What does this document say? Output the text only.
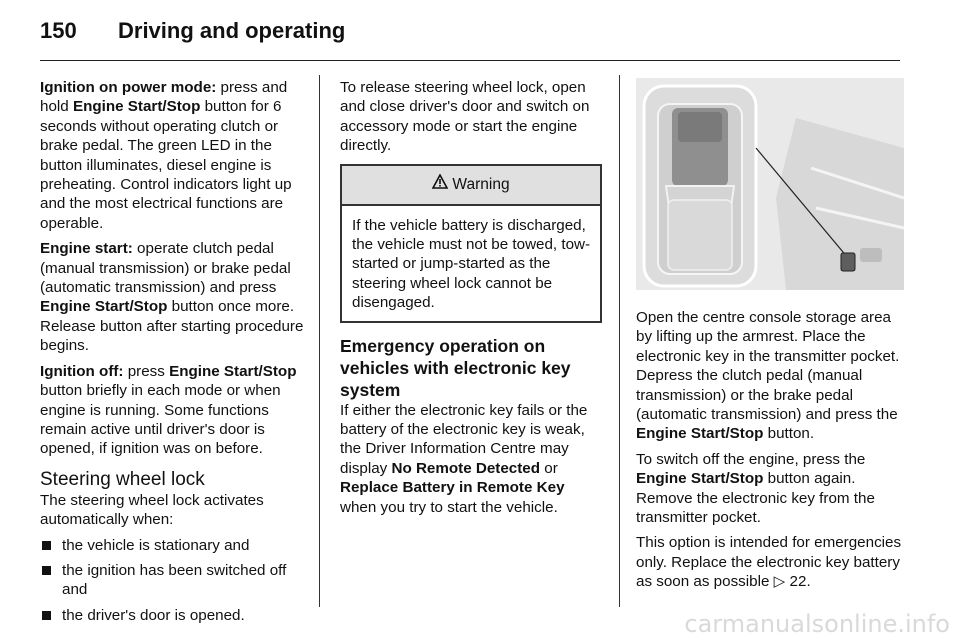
150 Driving and operating

Ignition on power mode: press and hold Engine Start/Stop button for 6 seconds without operating clutch or brake pedal. The green LED in the button illuminates, diesel engine is preheating. Control indicators light up and the most electrical functions are operable.

Engine start: operate clutch pedal (manual transmission) or brake pedal (automatic transmission) and press Engine Start/Stop button once more. Release button after starting procedure begins.

Ignition off: press Engine Start/Stop button briefly in each mode or when engine is running. Some functions remain active until driver's door is opened, if ignition was on before.

Steering wheel lock

The steering wheel lock activates automatically when:

the vehicle is stationary and
the ignition has been switched off and
the driver's door is opened.

To release steering wheel lock, open and close driver's door and switch on accessory mode or start the engine directly.

Warning
If the vehicle battery is discharged, the vehicle must not be towed, tow-started or jump-started as the steering wheel lock cannot be disengaged.
Emergency operation on vehicles with electronic key system

If either the electronic key fails or the battery of the electronic key is weak, the Driver Information Centre may display No Remote Detected or Replace Battery in Remote Key when you try to start the vehicle.

Open the centre console storage area by lifting up the armrest. Place the electronic key in the transmitter pocket. Depress the clutch pedal (manual transmission) or the brake pedal (automatic transmission) and press the Engine Start/Stop button.

To switch off the engine, press the Engine Start/Stop button again. Remove the electronic key from the transmitter pocket.

This option is intended for emergencies only. Replace the electronic key battery as soon as possible ▷ 22.

carmanualsonline.info
